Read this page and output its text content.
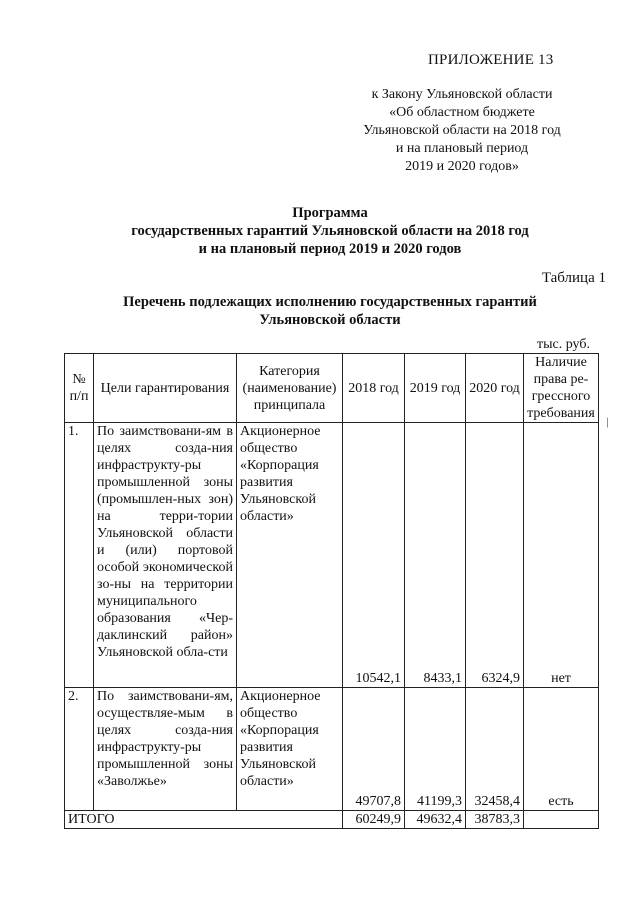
ПРИЛОЖЕНИЕ 13
к Закону Ульяновской области
«Об областном бюджете
Ульяновской области на 2018 год
и на плановый период
2019 и 2020 годов»
Программа
государственных гарантий Ульяновской области на 2018 год
и на плановый период 2019 и 2020 годов
Таблица 1
Перечень подлежащих исполнению государственных гарантий
Ульяновской области
тыс. руб.
№ п/п	Цели гарантирования	Категория (наименование) принципала	2018 год	2019 год	2020 год	Наличие права ре-грессного требования
1.	По заимствовани-ям в целях созда-ния инфраструкту-ры промышленной зоны (промышлен-ных зон) на терри-тории Ульяновской области и (или) портовой особой экономической зо-ны на территории муниципального образования «Чер-даклинский район» Ульяновской обла-сти	Акционерное общество «Корпорация развития Ульяновской области»	10542,1	8433,1	6324,9	нет
2.	По заимствовани-ям, осуществляе-мым в целях созда-ния инфраструкту-ры промышленной зоны «Заволжье»	Акционерное общество «Корпорация развития Ульяновской области»	49707,8	41199,3	32458,4	есть
ИТОГО			60249,9	49632,4	38783,3	
/
